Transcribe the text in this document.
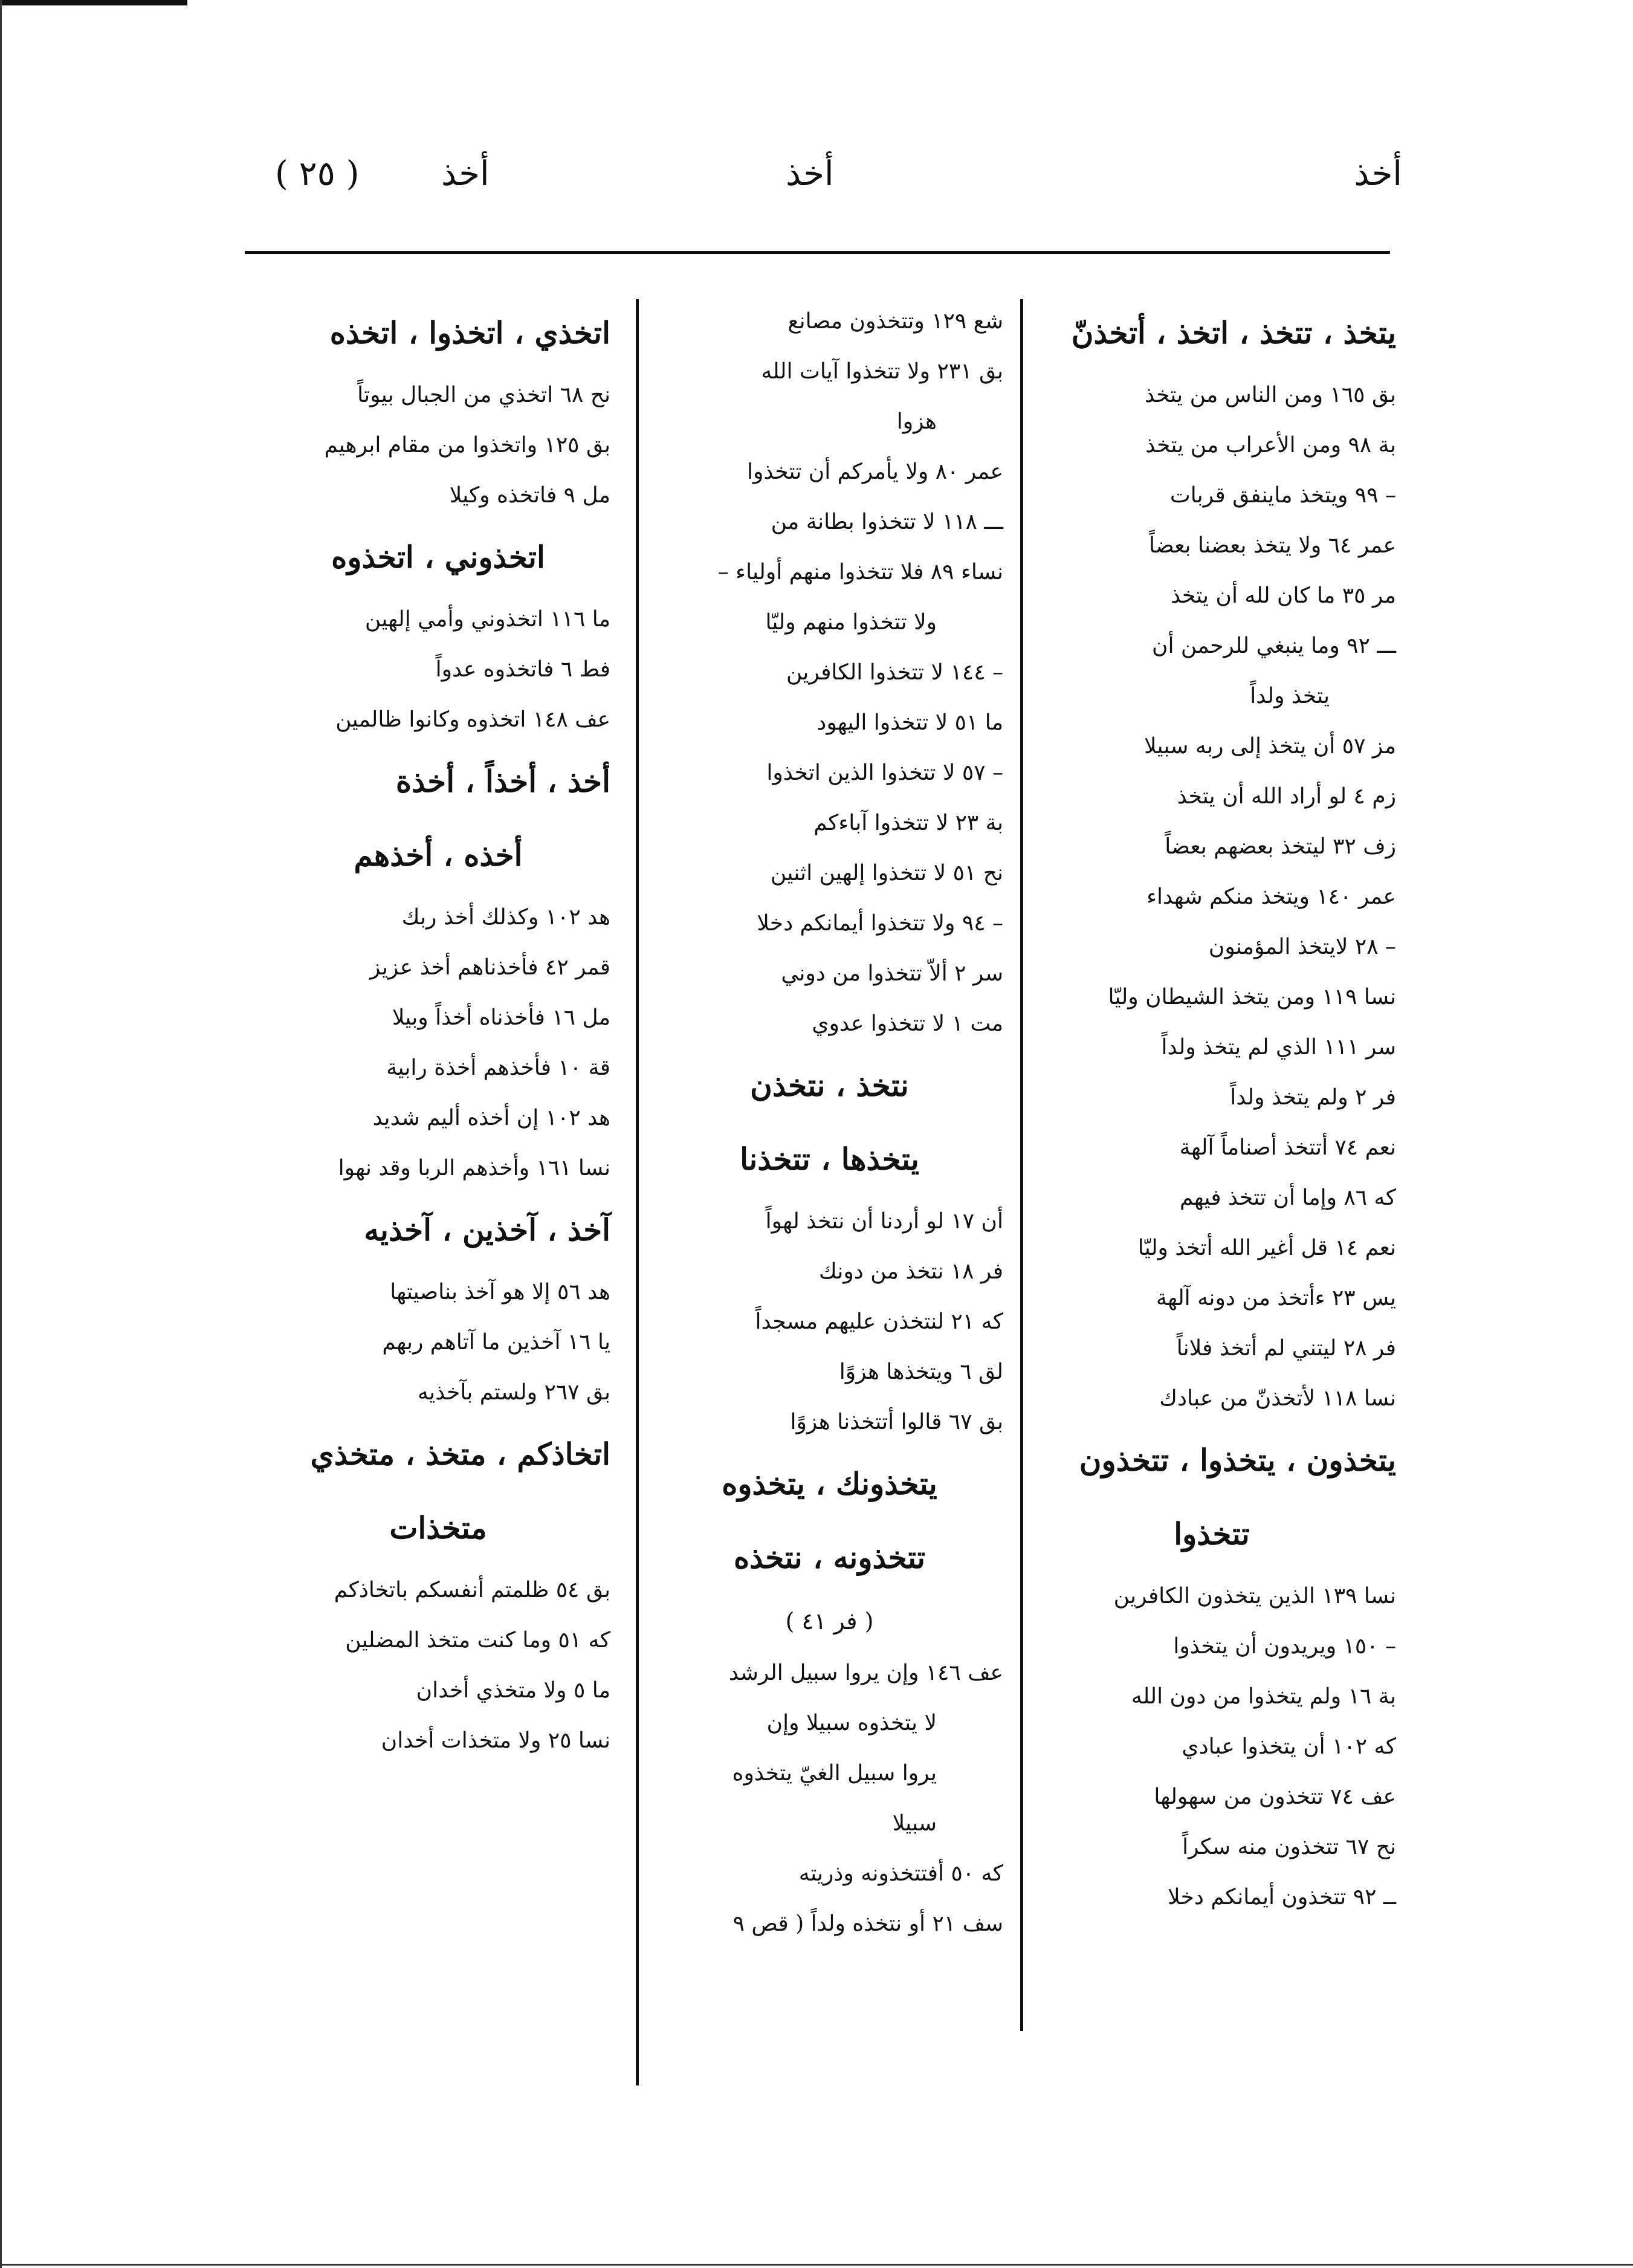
أخذ
أخذ
أخذ
( ٢٥ )
يتخذ ، تتخذ ، اتخذ ، أتخذنّ
بق ١٦٥ ومن الناس من يتخذ
بة ٩٨ ومن الأعراب من يتخذ
– ٩٩ ويتخذ ماينفق قربات
عمر ٦٤ ولا يتخذ بعضنا بعضاً
مر ٣٥ ما كان لله أن يتخذ
ـــ ٩٢ وما ينبغي للرحمن أن
يتخذ ولداً
مز ٥٧ أن يتخذ إلى ربه سبيلا
زم ٤ لو أراد الله أن يتخذ
زف ٣٢ ليتخذ بعضهم بعضاً
عمر ١٤٠ ويتخذ منكم شهداء
– ٢٨ لايتخذ المؤمنون
نسا ١١٩ ومن يتخذ الشيطان وليّا
سر ١١١ الذي لم يتخذ ولداً
فر ٢ ولم يتخذ ولداً
نعم ٧٤ أتتخذ أصناماً آلهة
كه ٨٦ وإما أن تتخذ فيهم
نعم ١٤ قل أغير الله أتخذ وليّا
يس ٢٣ ءأتخذ من دونه آلهة
فر ٢٨ ليتني لم أتخذ فلاناً
نسا ١١٨ لأتخذنّ من عبادك
يتخذون ، يتخذوا ، تتخذون
تتخذوا
نسا ١٣٩ الذين يتخذون الكافرين
– ١٥٠ ويريدون أن يتخذوا
بة ١٦ ولم يتخذوا من دون الله
كه ١٠٢ أن يتخذوا عبادي
عف ٧٤ تتخذون من سهولها
نح ٦٧ تتخذون منه سكراً
ــ ٩٢ تتخذون أيمانكم دخلا
شع ١٢٩ وتتخذون مصانع
بق ٢٣١ ولا تتخذوا آيات الله
هزوا
عمر ٨٠ ولا يأمركم أن تتخذوا
ـــ ١١٨ لا تتخذوا بطانة من
نساء ٨٩ فلا تتخذوا منهم أولياء –
ولا تتخذوا منهم وليّا
– ١٤٤ لا تتخذوا الكافرين
ما ٥١ لا تتخذوا اليهود
– ٥٧ لا تتخذوا الذين اتخذوا
بة ٢٣ لا تتخذوا آباءكم
نح ٥١ لا تتخذوا إلهين اثنين
– ٩٤ ولا تتخذوا أيمانكم دخلا
سر ٢ ألاّ تتخذوا من دوني
مت ١ لا تتخذوا عدوي
نتخذ ، نتخذن
يتخذها ، تتخذنا
أن ١٧ لو أردنا أن نتخذ لهواً
فر ١٨ نتخذ من دونك
كه ٢١ لنتخذن عليهم مسجداً
لق ٦ ويتخذها هزوًا
بق ٦٧ قالوا أتتخذنا هزوًا
يتخذونك ، يتخذوه
تتخذونه ، نتخذه
( فر ٤١ )
عف ١٤٦ وإن يروا سبيل الرشد
لا يتخذوه سبيلا وإن
يروا سبيل الغيّ يتخذوه
سبيلا
كه ٥٠ أفتتخذونه وذريته
سف ٢١ أو نتخذه ولداً ( قص ٩
اتخذي ، اتخذوا ، اتخذه
نح ٦٨ اتخذي من الجبال بيوتاً
بق ١٢٥ واتخذوا من مقام ابرهيم
مل ٩ فاتخذه وكيلا
اتخذوني ، اتخذوه
ما ١١٦ اتخذوني وأمي إلهين
فط ٦ فاتخذوه عدواً
عف ١٤٨ اتخذوه وكانوا ظالمين
أخذ ، أخذاً ، أخذة
أخذه ، أخذهم
هد ١٠٢ وكذلك أخذ ربك
قمر ٤٢ فأخذناهم أخذ عزيز
مل ١٦ فأخذناه أخذاً وبيلا
قة ١٠ فأخذهم أخذة رابية
هد ١٠٢ إن أخذه أليم شديد
نسا ١٦١ وأخذهم الربا وقد نهوا
آخذ ، آخذين ، آخذيه
هد ٥٦ إلا هو آخذ بناصيتها
يا ١٦ آخذين ما آتاهم ربهم
بق ٢٦٧ ولستم بآخذيه
اتخاذكم ، متخذ ، متخذي
متخذات
بق ٥٤ ظلمتم أنفسكم باتخاذكم
كه ٥١ وما كنت متخذ المضلين
ما ٥ ولا متخذي أخدان
نسا ٢٥ ولا متخذات أخدان
